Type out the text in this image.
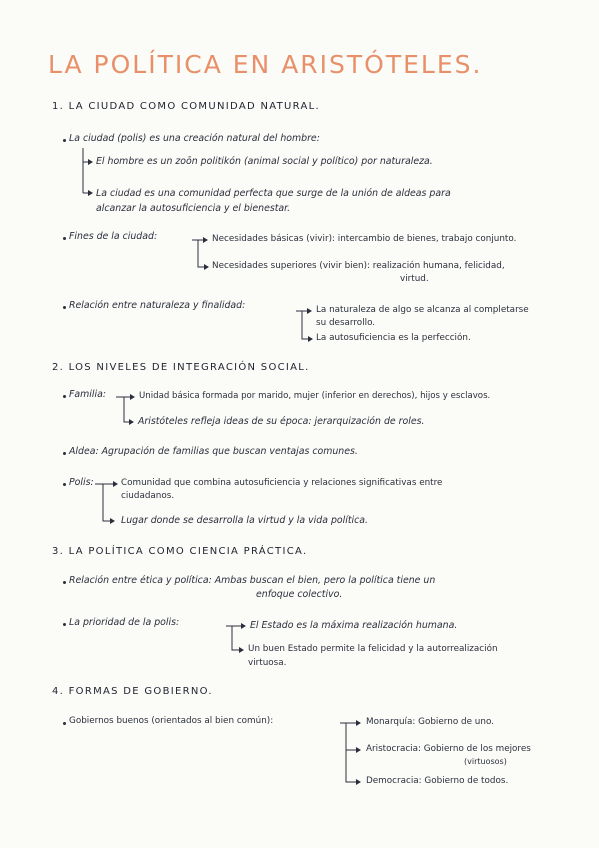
LA POLÍTICA EN ARISTÓTELES.
1. LA CIUDAD COMO COMUNIDAD NATURAL.
La ciudad (polis) es una creación natural del hombre:
El hombre es un zoōn politikón (animal social y político) por naturaleza.
La ciudad es una comunidad perfecta que surge de la unión de aldeas para
alcanzar la autosuficiencia y el bienestar.
Fines de la ciudad:	Necesidades básicas (vivir): intercambio de bienes, trabajo conjunto.
Necesidades superiores (vivir bien): realización humana, felicidad,
virtud.
Relación entre naturaleza y finalidad:	La naturaleza de algo se alcanza al completarse
su desarrollo.
La autosuficiencia es la perfección.
2. LOS NIVELES DE INTEGRACIÓN SOCIAL.
Familia:	Unidad básica formada por marido, mujer (inferior en derechos), hijos y esclavos.
Aristóteles refleja ideas de su época: jerarquización de roles.
Aldea: Agrupación de familias que buscan ventajas comunes.
Polis:	Comunidad que combina autosuficiencia y relaciones significativas entre
ciudadanos.
Lugar donde se desarrolla la virtud y la vida política.
3. LA POLÍTICA COMO CIENCIA PRÁCTICA.
Relación entre ética y política: Ambas buscan el bien, pero la política tiene un
enfoque colectivo.
La prioridad de la polis:	El Estado es la máxima realización humana.
Un buen Estado permite la felicidad y la autorrealización
virtuosa.
4. FORMAS DE GOBIERNO.
Gobiernos buenos (orientados al bien común):	Monarquía: Gobierno de uno.
Aristocracia: Gobierno de los mejores
(virtuosos)
Democracia: Gobierno de todos.
